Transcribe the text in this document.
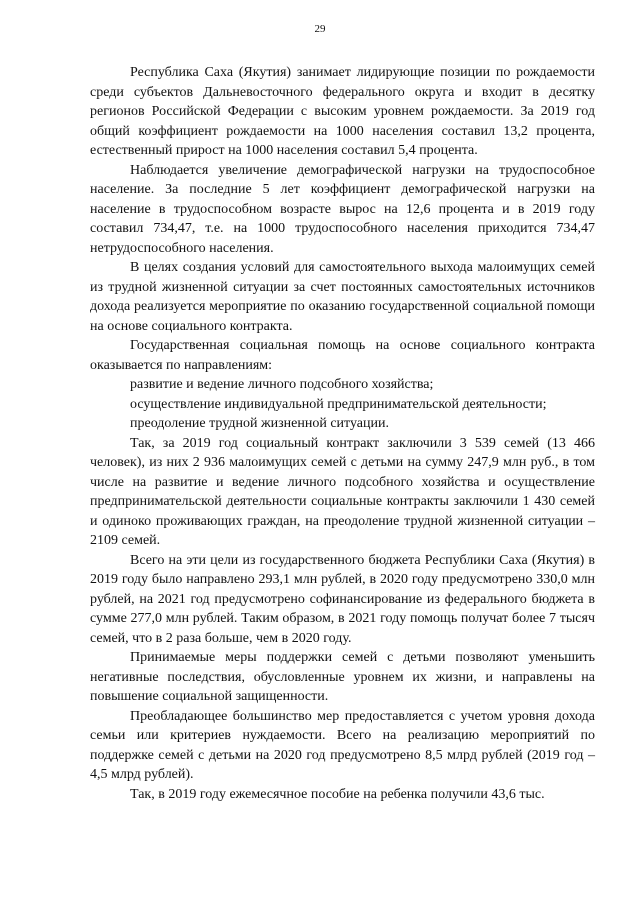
29

Республика Саха (Якутия) занимает лидирующие позиции по рождаемости среди субъектов Дальневосточного федерального округа и входит в десятку регионов Российской Федерации с высоким уровнем рождаемости. За 2019 год общий коэффициент рождаемости на 1000 населения составил 13,2 процента, естественный прирост на 1000 населения составил 5,4 процента.

Наблюдается увеличение демографической нагрузки на трудоспособное население. За последние 5 лет коэффициент демографической нагрузки на население в трудоспособном возрасте вырос на 12,6 процента и в 2019 году составил 734,47, т.е. на 1000 трудоспособного населения приходится 734,47 нетрудоспособного населения.

В целях создания условий для самостоятельного выхода малоимущих семей из трудной жизненной ситуации за счет постоянных самостоятельных источников дохода реализуется мероприятие по оказанию государственной социальной помощи на основе социального контракта.

Государственная социальная помощь на основе социального контракта оказывается по направлениям:

развитие и ведение личного подсобного хозяйства;

осуществление индивидуальной предпринимательской деятельности;

преодоление трудной жизненной ситуации.

Так, за 2019 год социальный контракт заключили 3 539 семей (13 466 человек), из них 2 936 малоимущих семей с детьми на сумму 247,9 млн руб., в том числе на развитие и ведение личного подсобного хозяйства и осуществление предпринимательской деятельности социальные контракты заключили 1 430 семей и одиноко проживающих граждан, на преодоление трудной жизненной ситуации – 2109 семей.

Всего на эти цели из государственного бюджета Республики Саха (Якутия) в 2019 году было направлено 293,1 млн рублей, в 2020 году предусмотрено 330,0 млн рублей, на 2021 год предусмотрено софинансирование из федерального бюджета в сумме 277,0 млн рублей. Таким образом, в 2021 году помощь получат более 7 тысяч семей, что в 2 раза больше, чем в 2020 году.

Принимаемые меры поддержки семей с детьми позволяют уменьшить негативные последствия, обусловленные уровнем их жизни, и направлены на повышение социальной защищенности.

Преобладающее большинство мер предоставляется с учетом уровня дохода семьи или критериев нуждаемости. Всего на реализацию мероприятий по поддержке семей с детьми на 2020 год предусмотрено 8,5 млрд рублей (2019 год – 4,5 млрд рублей).

Так, в 2019 году ежемесячное пособие на ребенка получили 43,6 тыс.
